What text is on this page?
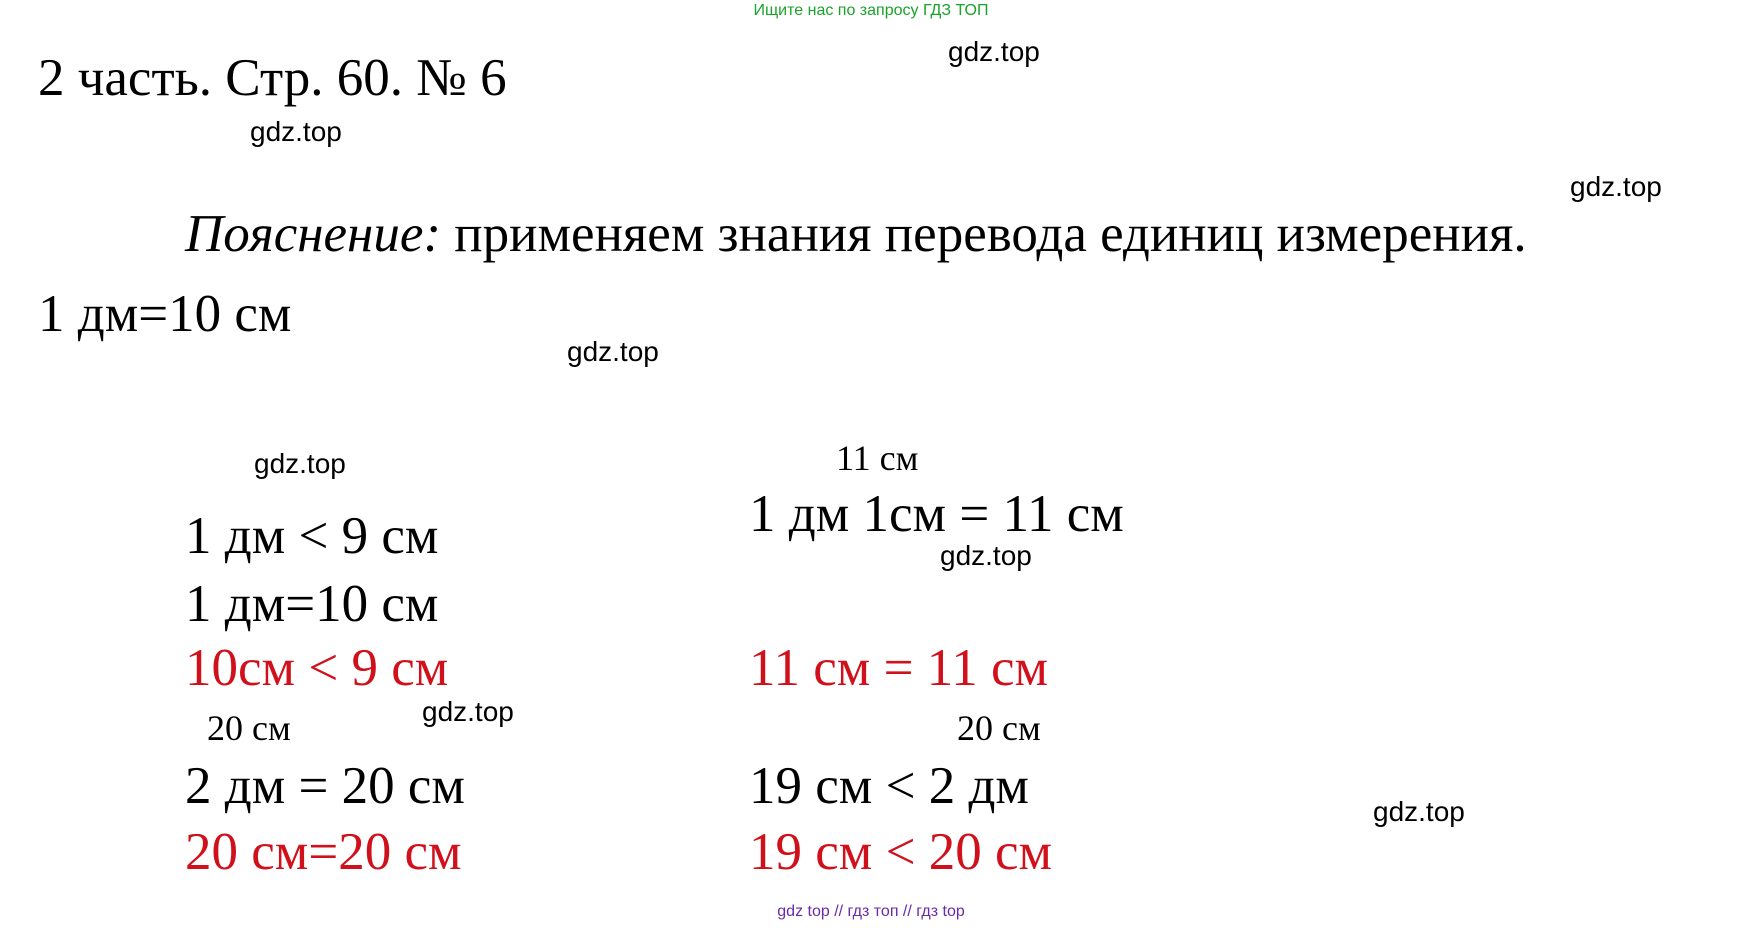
Ищите нас по запросу ГДЗ ТОП
2 часть. Стр. 60. № 6
Пояснение: применяем знания перевода единиц измерения.
1 дм=10 см
1 дм < 9 см
1 дм=10 см
10см < 9 см
20 см
2 дм = 20 см
20 см=20 см
11 см
1 дм 1см = 11 см
11 см = 11 см
20 см
19 см < 2 дм
19 см < 20 см
gdz.top
gdz.top
gdz.top
gdz.top
gdz.top
gdz.top
gdz.top
gdz.top
gdz top // гдз топ // гдз top
